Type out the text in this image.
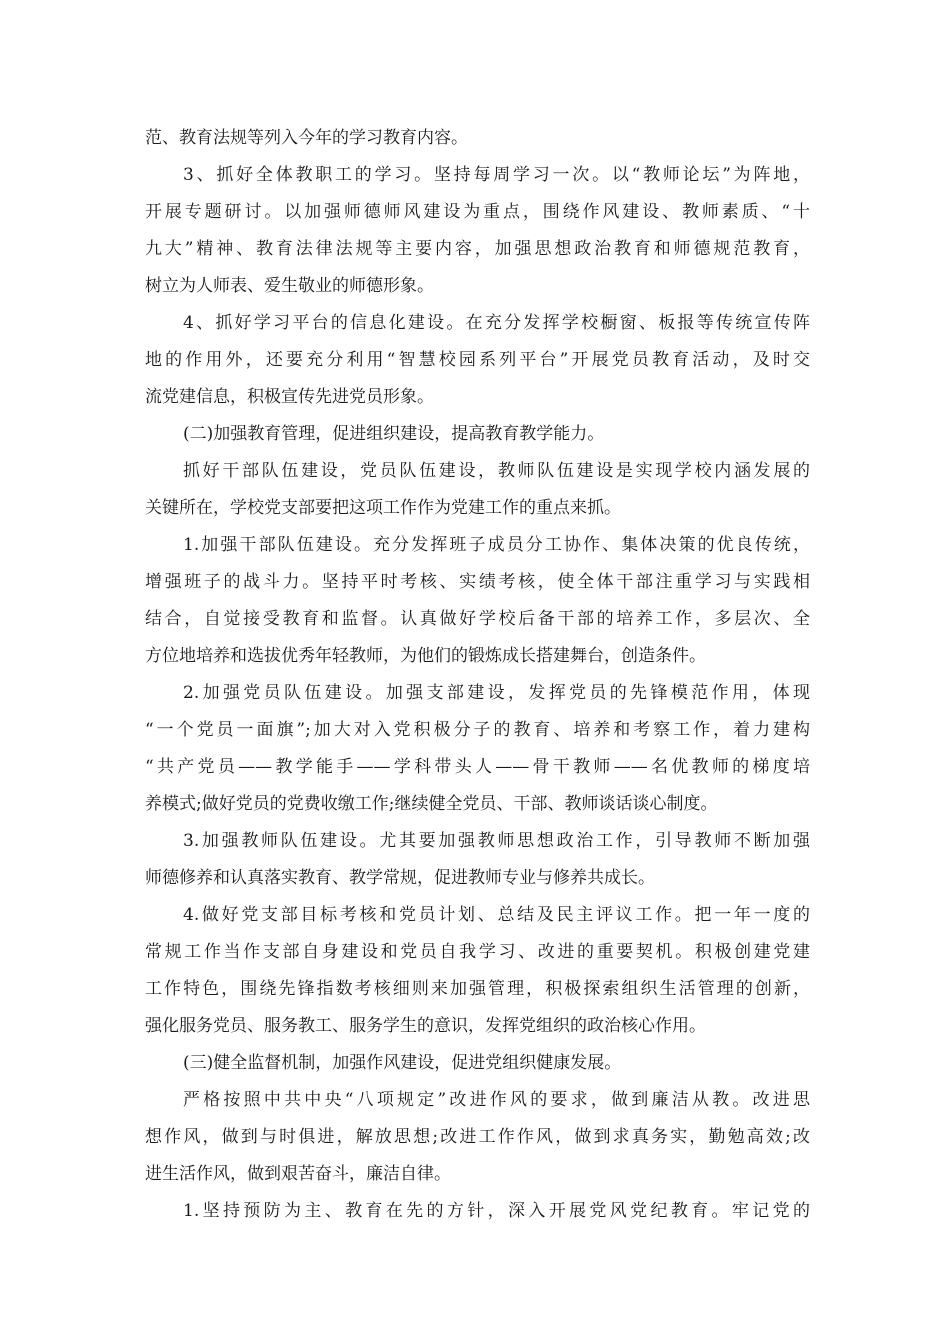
范、教育法规等列入今年的学习教育内容。
3、抓好全体教职工的学习。坚持每周学习一次。以“教师论坛”为阵地，
开展专题研讨。以加强师德师风建设为重点，围绕作风建设、教师素质、“十
九大”精神、教育法律法规等主要内容，加强思想政治教育和师德规范教育，
树立为人师表、爱生敬业的师德形象。
4、抓好学习平台的信息化建设。在充分发挥学校橱窗、板报等传统宣传阵
地的作用外，还要充分利用“智慧校园系列平台”开展党员教育活动，及时交
流党建信息，积极宣传先进党员形象。
(二)加强教育管理，促进组织建设，提高教育教学能力。
抓好干部队伍建设，党员队伍建设，教师队伍建设是实现学校内涵发展的
关键所在，学校党支部要把这项工作作为党建工作的重点来抓。
1.加强干部队伍建设。充分发挥班子成员分工协作、集体决策的优良传统，
增强班子的战斗力。坚持平时考核、实绩考核，使全体干部注重学习与实践相
结合，自觉接受教育和监督。认真做好学校后备干部的培养工作，多层次、全
方位地培养和选拔优秀年轻教师，为他们的锻炼成长搭建舞台，创造条件。
2.加强党员队伍建设。加强支部建设，发挥党员的先锋模范作用，体现
“一个党员一面旗”;加大对入党积极分子的教育、培养和考察工作，着力建构
“共产党员——教学能手——学科带头人——骨干教师——名优教师的梯度培
养模式;做好党员的党费收缴工作;继续健全党员、干部、教师谈话谈心制度。
3.加强教师队伍建设。尤其要加强教师思想政治工作，引导教师不断加强
师德修养和认真落实教育、教学常规，促进教师专业与修养共成长。
4.做好党支部目标考核和党员计划、总结及民主评议工作。把一年一度的
常规工作当作支部自身建设和党员自我学习、改进的重要契机。积极创建党建
工作特色，围绕先锋指数考核细则来加强管理，积极探索组织生活管理的创新，
强化服务党员、服务教工、服务学生的意识，发挥党组织的政治核心作用。
(三)健全监督机制，加强作风建设，促进党组织健康发展。
严格按照中共中央“八项规定”改进作风的要求，做到廉洁从教。改进思
想作风，做到与时俱进，解放思想;改进工作作风，做到求真务实，勤勉高效;改
进生活作风，做到艰苦奋斗，廉洁自律。
1.坚持预防为主、教育在先的方针，深入开展党风党纪教育。牢记党的
